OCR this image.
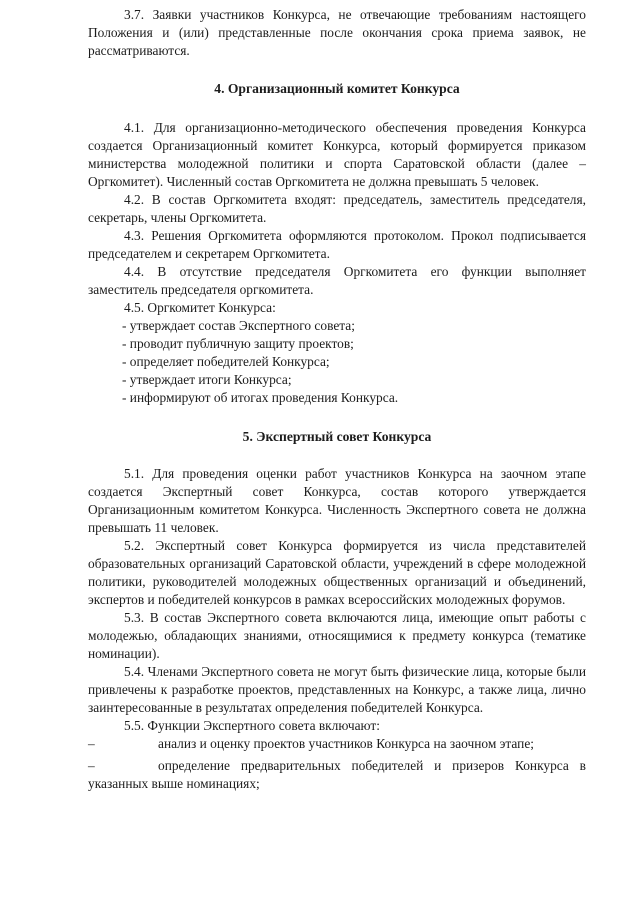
3.7. Заявки участников Конкурса, не отвечающие требованиям настоящего Положения и (или) представленные после окончания срока приема заявок, не рассматриваются.

4. Организационный комитет Конкурса

4.1. Для организационно-методического обеспечения проведения Конкурса создается Организационный комитет Конкурса, который формируется приказом министерства молодежной политики и спорта Саратовской области (далее – Оргкомитет). Численный состав Оргкомитета не должна превышать 5 человек.

4.2. В состав Оргкомитета входят: председатель, заместитель председателя, секретарь, члены Оргкомитета.

4.3. Решения Оргкомитета оформляются протоколом. Прокол подписывается председателем и секретарем Оргкомитета.

4.4. В отсутствие председателя Оргкомитета его функции выполняет заместитель председателя оргкомитета.

4.5. Оргкомитет Конкурса:

- утверждает состав Экспертного совета;

- проводит публичную защиту проектов;

- определяет победителей Конкурса;

- утверждает итоги Конкурса;

- информируют об итогах проведения Конкурса.

5. Экспертный совет Конкурса

5.1. Для проведения оценки работ участников Конкурса на заочном этапе создается Экспертный совет Конкурса, состав которого утверждается Организационным комитетом Конкурса. Численность Экспертного совета не должна превышать 11 человек.

5.2. Экспертный совет Конкурса формируется из числа представителей образовательных организаций Саратовской области, учреждений в сфере молодежной политики, руководителей молодежных общественных организаций и объединений, экспертов и победителей конкурсов в рамках всероссийских молодежных форумов.

5.3. В состав Экспертного совета включаются лица, имеющие опыт работы с молодежью, обладающих знаниями, относящимися к предмету конкурса (тематике номинации).

5.4. Членами Экспертного совета не могут быть физические лица, которые были привлечены к разработке проектов, представленных на Конкурс, а также лица, лично заинтересованные в результатах определения победителей Конкурса.

5.5. Функции Экспертного совета включают:

–	анализ и оценку проектов участников Конкурса на заочном этапе;

–	определение предварительных победителей и призеров Конкурса в указанных выше номинациях;
